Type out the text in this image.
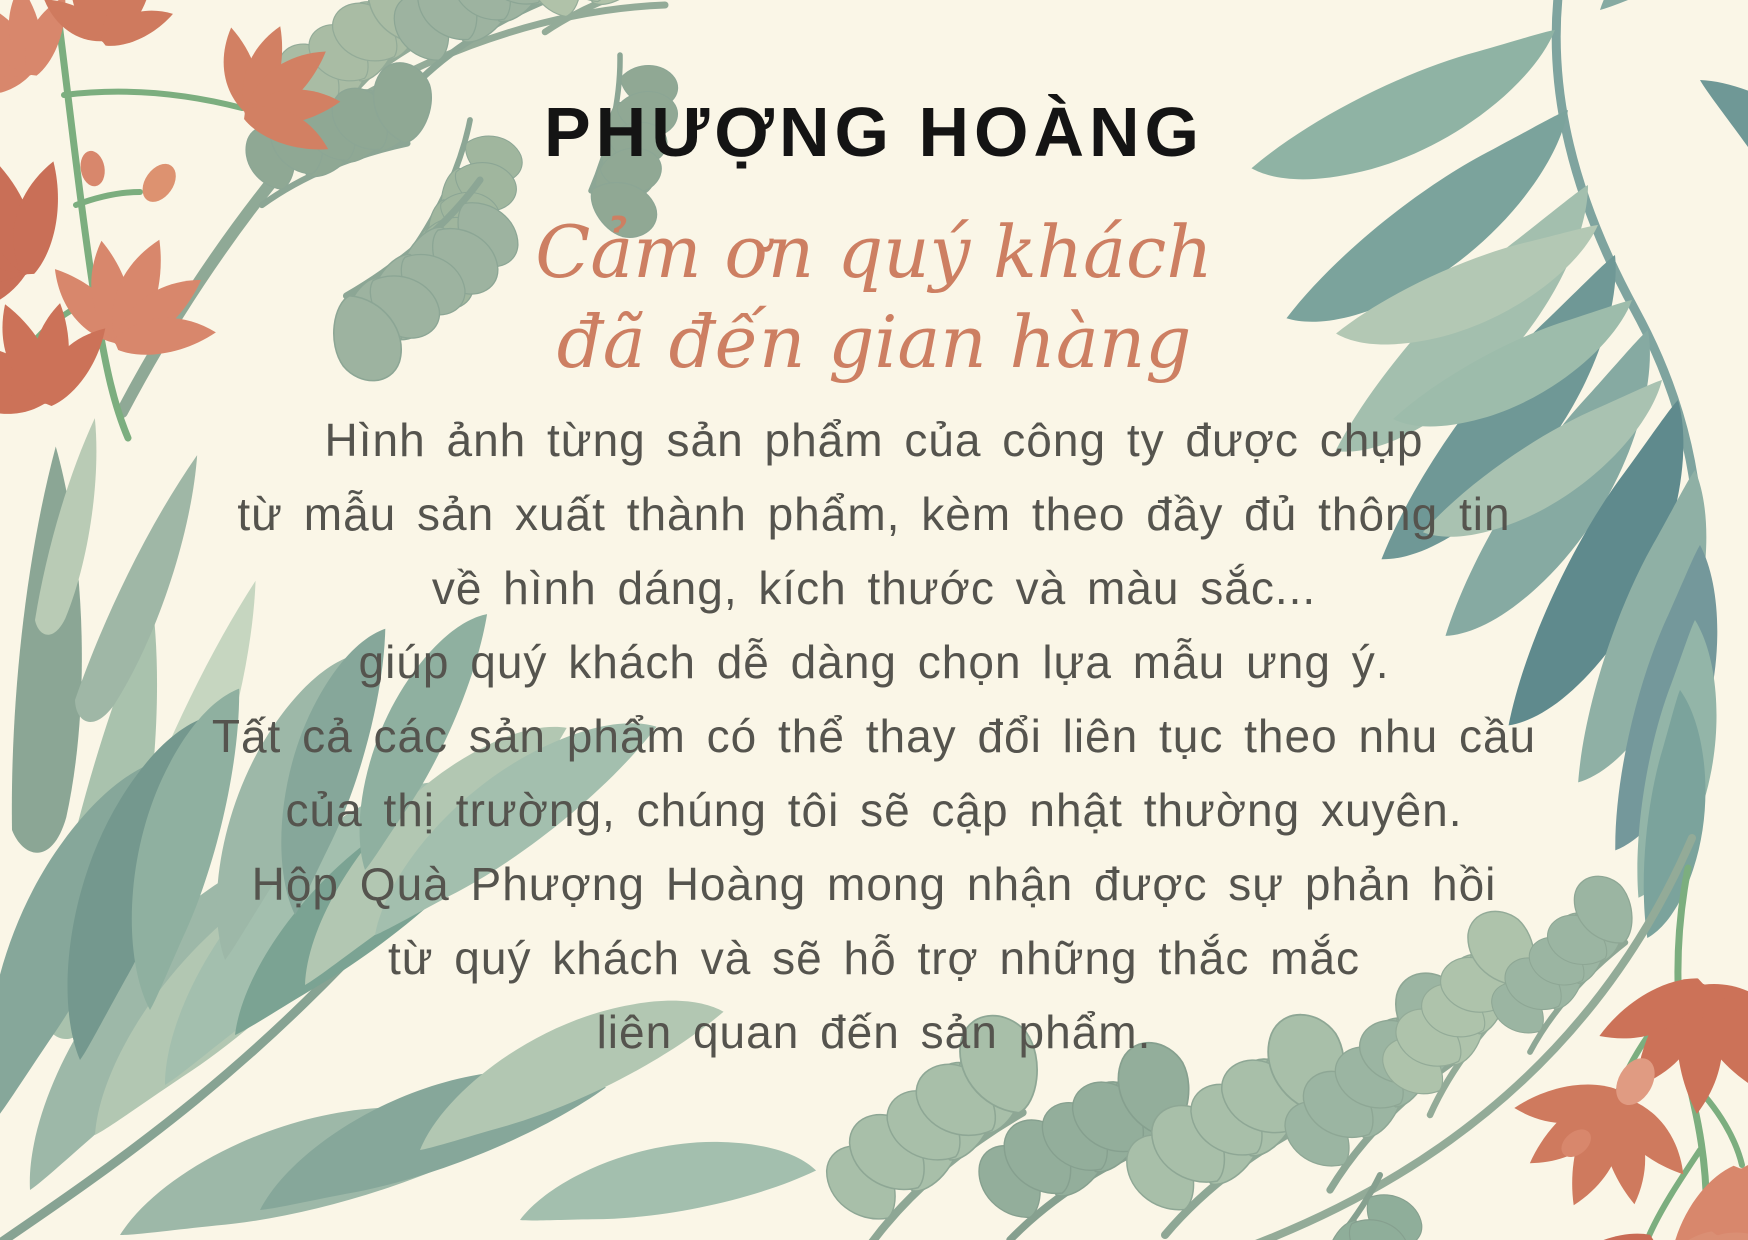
PHƯỢNG HOÀNG
Cảm ơn quý khách
đã đến gian hàng

Hình ảnh từng sản phẩm của công ty được chụp

từ mẫu sản xuất thành phẩm, kèm theo đầy đủ thông tin

về hình dáng, kích thước và màu sắc...

giúp quý khách dễ dàng chọn lựa mẫu ưng ý.

Tất cả các sản phẩm có thể thay đổi liên tục theo nhu cầu

của thị trường, chúng tôi sẽ cập nhật thường xuyên.

Hộp Quà Phượng Hoàng mong nhận được sự phản hồi

từ quý khách và sẽ hỗ trợ những thắc mắc

liên quan đến sản phẩm.
